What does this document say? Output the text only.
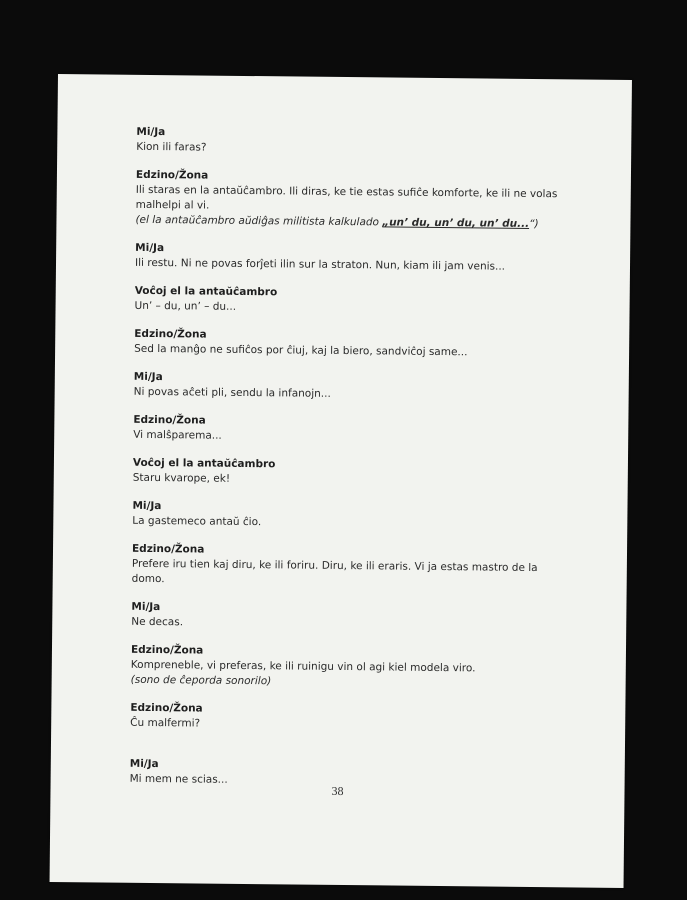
Mi/Ja
Kion ili faras?
Edzino/Žona
Ili staras en la antaŭĉambro. Ili diras, ke tie estas sufiĉe komforte, ke ili ne volas malhelpi al vi.
(el la antaŭĉambro aŭdiĝas militista kalkulado „un’ du, un’ du, un’ du...“)
Mi/Ja
Ili restu. Ni ne povas forĵeti ilin sur la straton. Nun, kiam ili jam venis...
Voĉoj el la antaŭĉambro
Un’ – du, un’ – du...
Edzino/Žona
Sed la manĝo ne sufiĉos por ĉiuj, kaj la biero, sandviĉoj same...
Mi/Ja
Ni povas aĉeti pli, sendu la infanojn...
Edzino/Žona
Vi malŝparema...
Voĉoj el la antaŭĉambro
Staru kvarope, ek!
Mi/Ja
La gastemeco antaŭ ĉio.
Edzino/Žona
Prefere iru tien kaj diru, ke ili foriru. Diru, ke ili eraris. Vi ja estas mastro de la domo.
Mi/Ja
Ne decas.
Edzino/Žona
Kompreneble, vi preferas, ke ili ruinigu vin ol agi kiel modela viro.
(sono de ĉeporda sonorilo)
Edzino/Žona
Ĉu malfermi?
Mi/Ja
Mi mem ne scias...
38
